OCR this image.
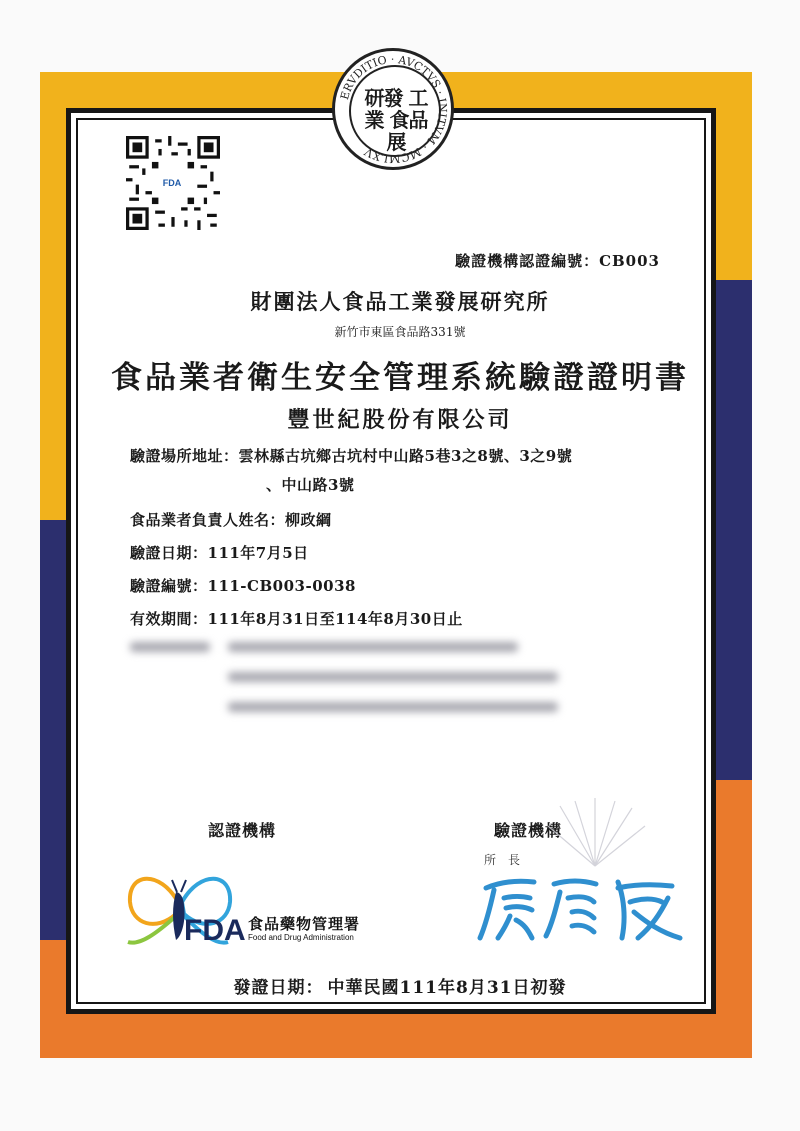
ERVDITIO · AVCTVS · INITVM · MCMLXV
研發 工業 食品 展
FDA
驗證機構認證編號：CB003
財團法人食品工業發展研究所
新竹市東區食品路331號
食品業者衛生安全管理系統驗證證明書
豐世紀股份有限公司
驗證場所地址：雲林縣古坑鄉古坑村中山路5巷3之8號、3之9號
、中山路3號
食品業者負責人姓名：柳政綱
驗證日期：111年7月5日
驗證編號：111-CB003-0038
有效期間：111年8月31日至114年8月30日止
認證機構	驗證機構
所　長
FDA 食品藥物管理署
Food and Drug Administration
發證日期： 中華民國111年8月31日初發
